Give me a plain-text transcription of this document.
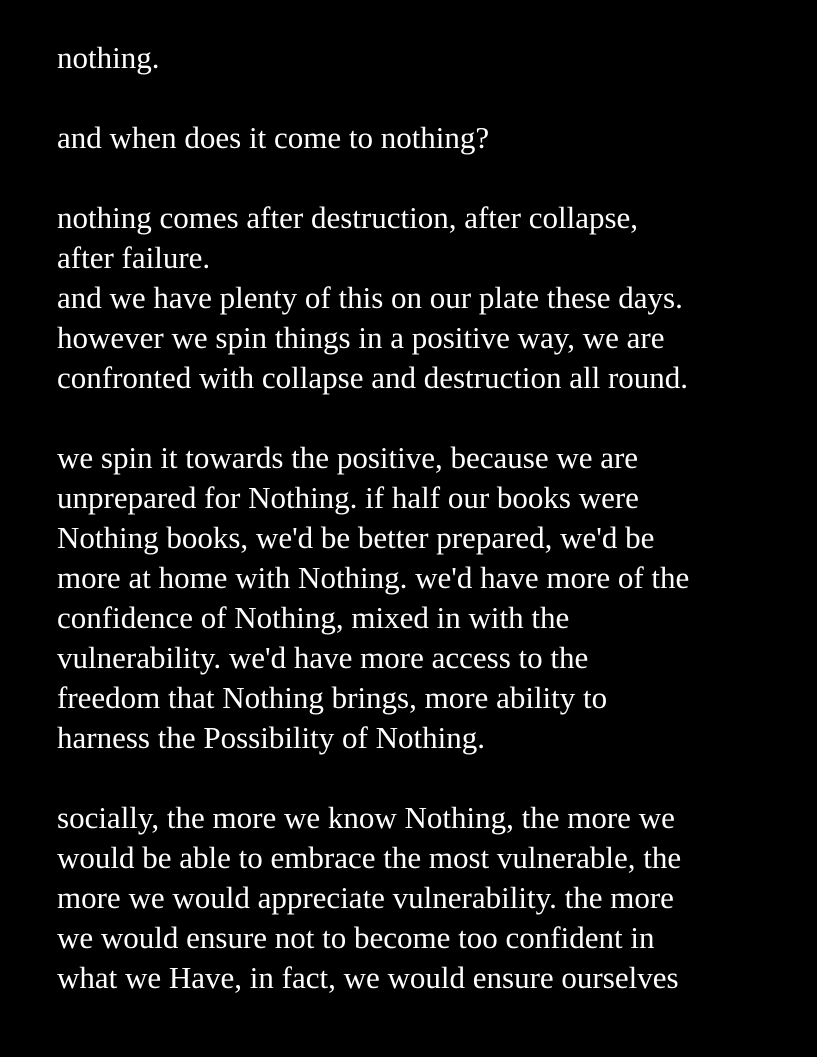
nothing.
and when does it come to nothing?
nothing comes after destruction, after collapse,
after failure.
and we have plenty of this on our plate these days.
however we spin things in a positive way, we are
confronted with collapse and destruction all round.
we spin it towards the positive, because we are
unprepared for Nothing. if half our books were
Nothing books, we'd be better prepared, we'd be
more at home with Nothing. we'd have more of the
confidence of Nothing, mixed in with the
vulnerability. we'd have more access to the
freedom that Nothing brings, more ability to
harness the Possibility of Nothing.
socially, the more we know Nothing, the more we
would be able to embrace the most vulnerable, the
more we would appreciate vulnerability. the more
we would ensure not to become too confident in
what we Have, in fact, we would ensure ourselves
